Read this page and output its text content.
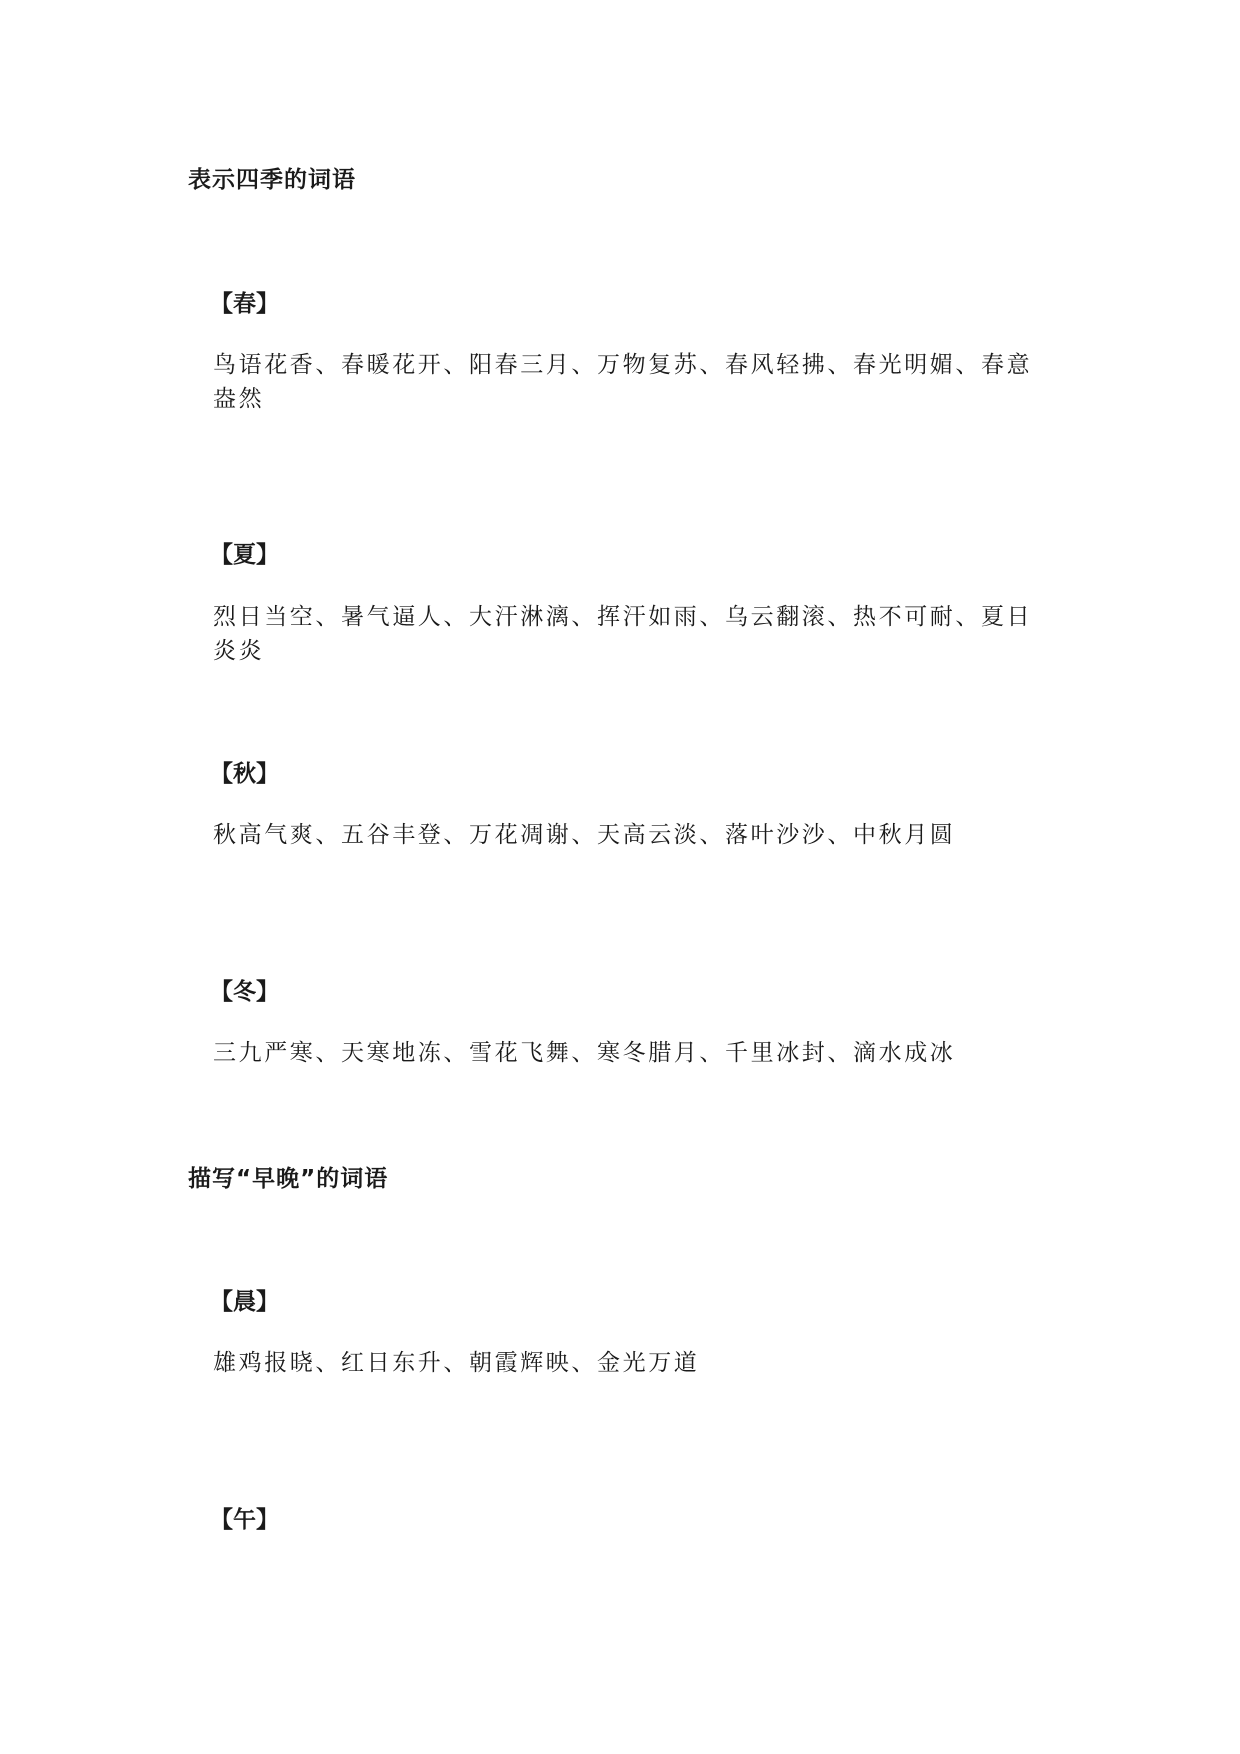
表示四季的词语
【春】

鸟语花香、春暖花开、阳春三月、万物复苏、春风轻拂、春光明媚、春意盎然

【夏】

烈日当空、暑气逼人、大汗淋漓、挥汗如雨、乌云翻滚、热不可耐、夏日炎炎

【秋】

秋高气爽、五谷丰登、万花凋谢、天高云淡、落叶沙沙、中秋月圆

【冬】

三九严寒、天寒地冻、雪花飞舞、寒冬腊月、千里冰封、滴水成冰

描写“早晚”的词语
【晨】

雄鸡报晓、红日东升、朝霞辉映、金光万道

【午】
